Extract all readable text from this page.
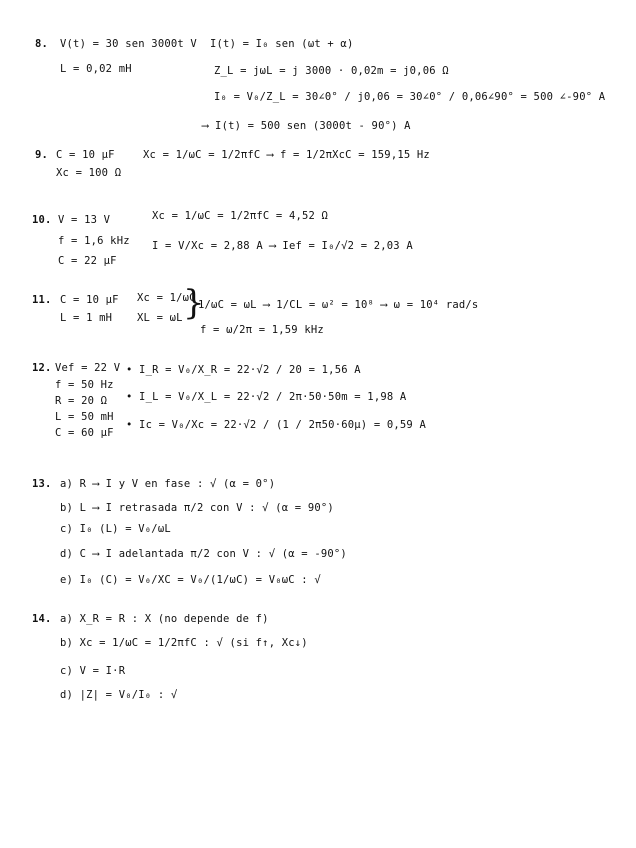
8. V(t) = 30 sen 3000t V I(t) = I₀ sen (ωt + α)
L = 0,02 mH	Z_L = jωL = j 3000 · 0,02m = j0,06 Ω
I₀ = V₀/Z_L = 30∠0° / j0,06 = 30∠0° / 0,06∠90° = 500 ∠-90° A
⟶ I(t) = 500 sen (3000t - 90°) A
9. C = 10 μF	Xc = 1/ωC = 1/2πfC ⟶ f = 1/2πXcC = 159,15 Hz
Xc = 100 Ω
10. V = 13 V	Xc = 1/ωC = 1/2πfC = 4,52 Ω
f = 1,6 kHz I = V/Xc = 2,88 A ⟶ Ief = I₀/√2 = 2,03 A
C = 22 μF
11. C = 10 μF Xc = 1/ωC
L = 1 mH XL = ωL }
1/ωC = ωL ⟶ 1/CL = ω² = 10⁸ ⟶ ω = 10⁴ rad/s
f = ω/2π = 1,59 kHz
12. Vef = 22 V
f = 50 Hz
R = 20 Ω
L = 50 mH
C = 60 μF
• I_R = V₀/X_R = 22·√2 / 20 = 1,56 A
• I_L = V₀/X_L = 22·√2 / 2π·50·50m = 1,98 A
• Ic = V₀/Xc = 22·√2 / (1 / 2π50·60μ) = 0,59 A
13. a) R ⟶ I y V en fase : √ (α = 0°)
b) L ⟶ I retrasada π/2 con V : √ (α = 90°)
c) I₀ (L) = V₀/ωL
d) C ⟶ I adelantada π/2 con V : √ (α = -90°)
e) I₀ (C) = V₀/XC = V₀/(1/ωC) = V₀ωC : √
14. a) X_R = R : X (no depende de f)
b) Xc = 1/ωC = 1/2πfC : √ (si f↑, Xc↓)
c) V = I·R
d) |Z| = V₀/I₀ : √
